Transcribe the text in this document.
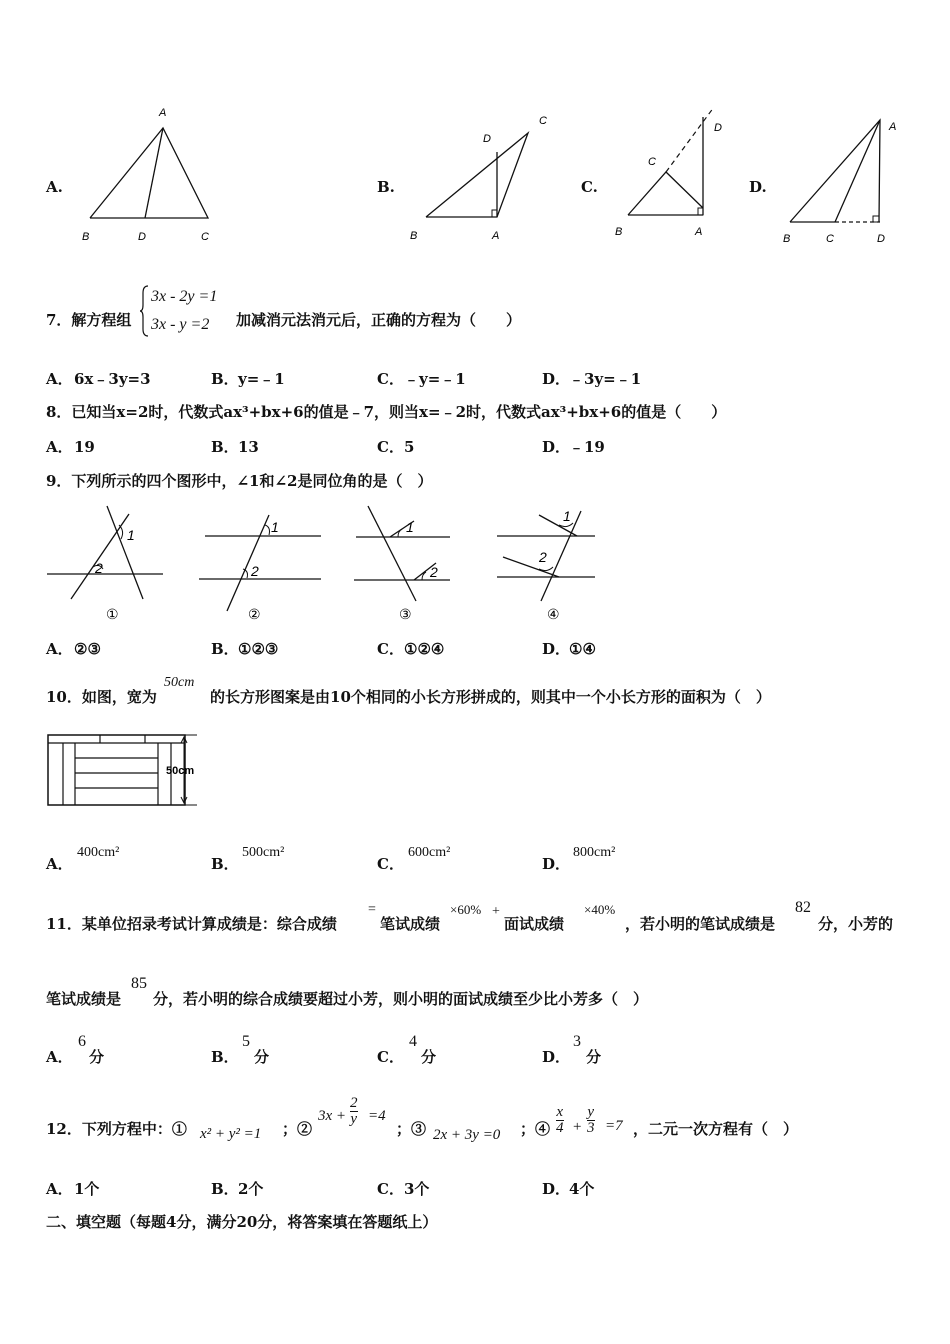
A.
A
B	D	C
B.
C
D
B	A
C.
D
C
B	A
D.
A
B	C	D
7．解方程组
3x - 2y =1
3x - y =2 加减消元法消元后，正确的方程为（　　）
A． 6x﹣3y=3	B． y=﹣1	C． ﹣y=﹣1	D．
﹣3y=﹣1
8．已知当x=2时，代数式ax³+bx+6的值是﹣7，则当x=﹣2时，代数式ax³+bx+6的值是（　　）
A． 19	B． 13	C． 5	D．
﹣19
9．下列所示的四个图形中，∠1和∠2是同位角的是（　）
1
2
①
1
2
②
1
2
③
1
2
④
A． ②③	B． ①②③	C． ①②④	D．
①④
10．如图，宽为
50cm
的长方形图案是由10个相同的小长方形拼成的，则其中一个小长方形的面积为（　）
50cm
A．
400cm²
B．
500cm²
C．
600cm²
D．
800cm²
11．某单位招录考试计算成绩是：综合成绩
=
笔试成绩
×60% +
面试成绩
×40%
，若小明的笔试成绩是
82
分，小芳的
笔试成绩是
85
分，若小明的综合成绩要超过小芳，则小明的面试成绩至少比小芳多（　）
A．
6
分	B．
5
分	C．
4
分	D．
3
分
12．下列方程中：① x² + y² =1 ；②
$3x + \frac{2}{y} =4$
；③ 2x + 3y =0 ；④ $\frac{x}{4} + \frac{y}{3} =7$ ，二元一次方程有（　）
A． 1个	B． 2个	C． 3个	D．
4个
二、填空题（每题4分，满分20分，将答案填在答题纸上）
